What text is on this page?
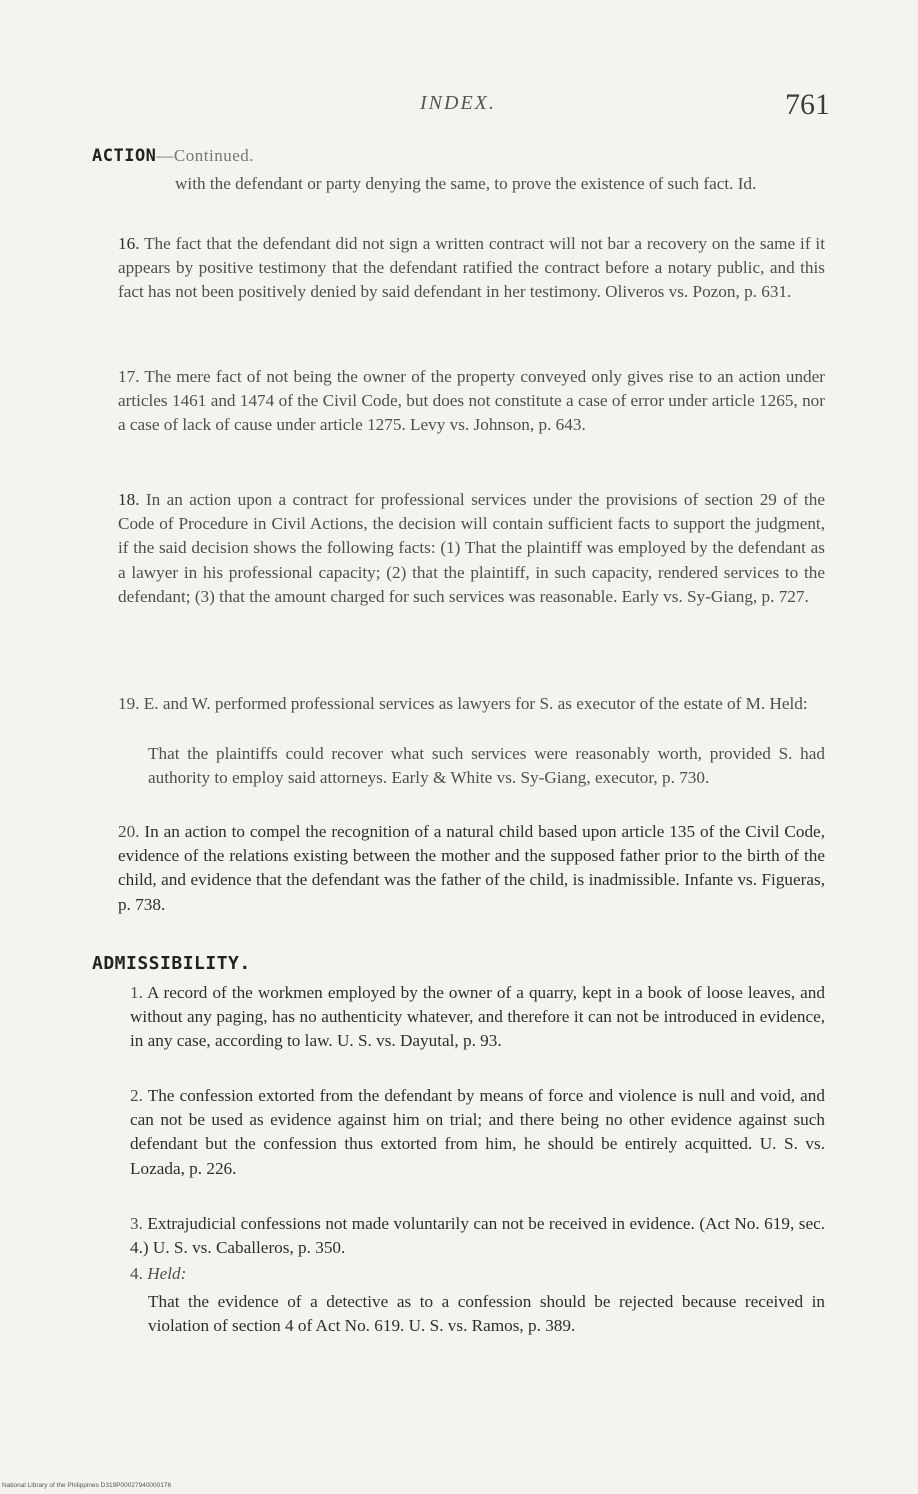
INDEX.	761
ACTION—Continued.
with the defendant or party denying the same, to prove the existence of such fact. Id.
16. The fact that the defendant did not sign a written contract will not bar a recovery on the same if it appears by positive testimony that the defendant ratified the contract before a notary public, and this fact has not been positively denied by said defendant in her testimony. Oliveros vs. Pozon, p. 631.
17. The mere fact of not being the owner of the property conveyed only gives rise to an action under articles 1461 and 1474 of the Civil Code, but does not constitute a case of error under article 1265, nor a case of lack of cause under article 1275. Levy vs. Johnson, p. 643.
18. In an action upon a contract for professional services under the provisions of section 29 of the Code of Procedure in Civil Actions, the decision will contain sufficient facts to support the judgment, if the said decision shows the following facts: (1) That the plaintiff was employed by the defendant as a lawyer in his professional capacity; (2) that the plaintiff, in such capacity, rendered services to the defendant; (3) that the amount charged for such services was reasonable. Early vs. Sy-Giang, p. 727.
19. E. and W. performed professional services as lawyers for S. as executor of the estate of M. Held:
That the plaintiffs could recover what such services were reasonably worth, provided S. had authority to employ said attorneys. Early & White vs. Sy-Giang, executor, p. 730.
20. In an action to compel the recognition of a natural child based upon article 135 of the Civil Code, evidence of the relations existing between the mother and the supposed father prior to the birth of the child, and evidence that the defendant was the father of the child, is inadmissible. Infante vs. Figueras, p. 738.
ADMISSIBILITY.
1. A record of the workmen employed by the owner of a quarry, kept in a book of loose leaves, and without any paging, has no authenticity whatever, and therefore it can not be introduced in evidence, in any case, according to law. U. S. vs. Dayutal, p. 93.
2. The confession extorted from the defendant by means of force and violence is null and void, and can not be used as evidence against him on trial; and there being no other evidence against such defendant but the confession thus extorted from him, he should be entirely acquitted. U. S. vs. Lozada, p. 226.
3. Extrajudicial confessions not made voluntarily can not be received in evidence. (Act No. 619, sec. 4.) U. S. vs. Caballeros, p. 350.
4. Held:
That the evidence of a detective as to a confession should be rejected because received in violation of section 4 of Act No. 619. U. S. vs. Ramos, p. 389.
National Library of the Philippines D319P00027940000176
